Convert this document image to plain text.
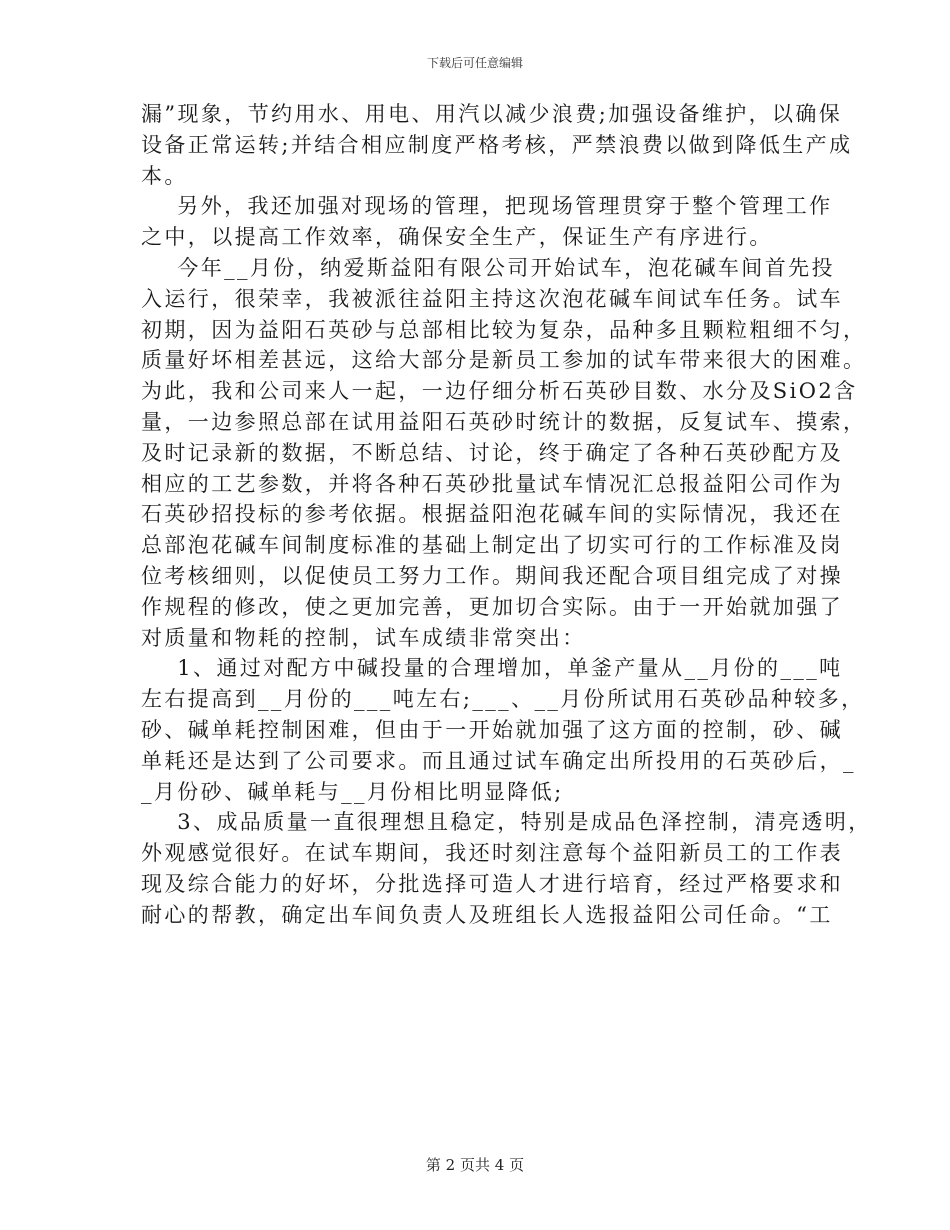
下载后可任意编辑
漏”现象，节约用水、用电、用汽以减少浪费;加强设备维护，以确保
设备正常运转;并结合相应制度严格考核，严禁浪费以做到降低生产成
本。
另外，我还加强对现场的管理，把现场管理贯穿于整个管理工作
之中，以提高工作效率，确保安全生产，保证生产有序进行。
今年__月份，纳爱斯益阳有限公司开始试车，泡花碱车间首先投
入运行，很荣幸，我被派往益阳主持这次泡花碱车间试车任务。试车
初期，因为益阳石英砂与总部相比较为复杂，品种多且颗粒粗细不匀，
质量好坏相差甚远，这给大部分是新员工参加的试车带来很大的困难。
为此，我和公司来人一起，一边仔细分析石英砂目数、水分及SiO2含
量，一边参照总部在试用益阳石英砂时统计的数据，反复试车、摸索，
及时记录新的数据，不断总结、讨论，终于确定了各种石英砂配方及
相应的工艺参数，并将各种石英砂批量试车情况汇总报益阳公司作为
石英砂招投标的参考依据。根据益阳泡花碱车间的实际情况，我还在
总部泡花碱车间制度标准的基础上制定出了切实可行的工作标准及岗
位考核细则，以促使员工努力工作。期间我还配合项目组完成了对操
作规程的修改，使之更加完善，更加切合实际。由于一开始就加强了
对质量和物耗的控制，试车成绩非常突出：
1、通过对配方中碱投量的合理增加，单釜产量从__月份的___吨
左右提高到__月份的___吨左右;___、__月份所试用石英砂品种较多，
砂、碱单耗控制困难，但由于一开始就加强了这方面的控制，砂、碱
单耗还是达到了公司要求。而且通过试车确定出所投用的石英砂后，_
_月份砂、碱单耗与__月份相比明显降低;
3、成品质量一直很理想且稳定，特别是成品色泽控制，清亮透明，
外观感觉很好。在试车期间，我还时刻注意每个益阳新员工的工作表
现及综合能力的好坏，分批选择可造人才进行培育，经过严格要求和
耐心的帮教，确定出车间负责人及班组长人选报益阳公司任命。“工
第 2 页共 4 页
